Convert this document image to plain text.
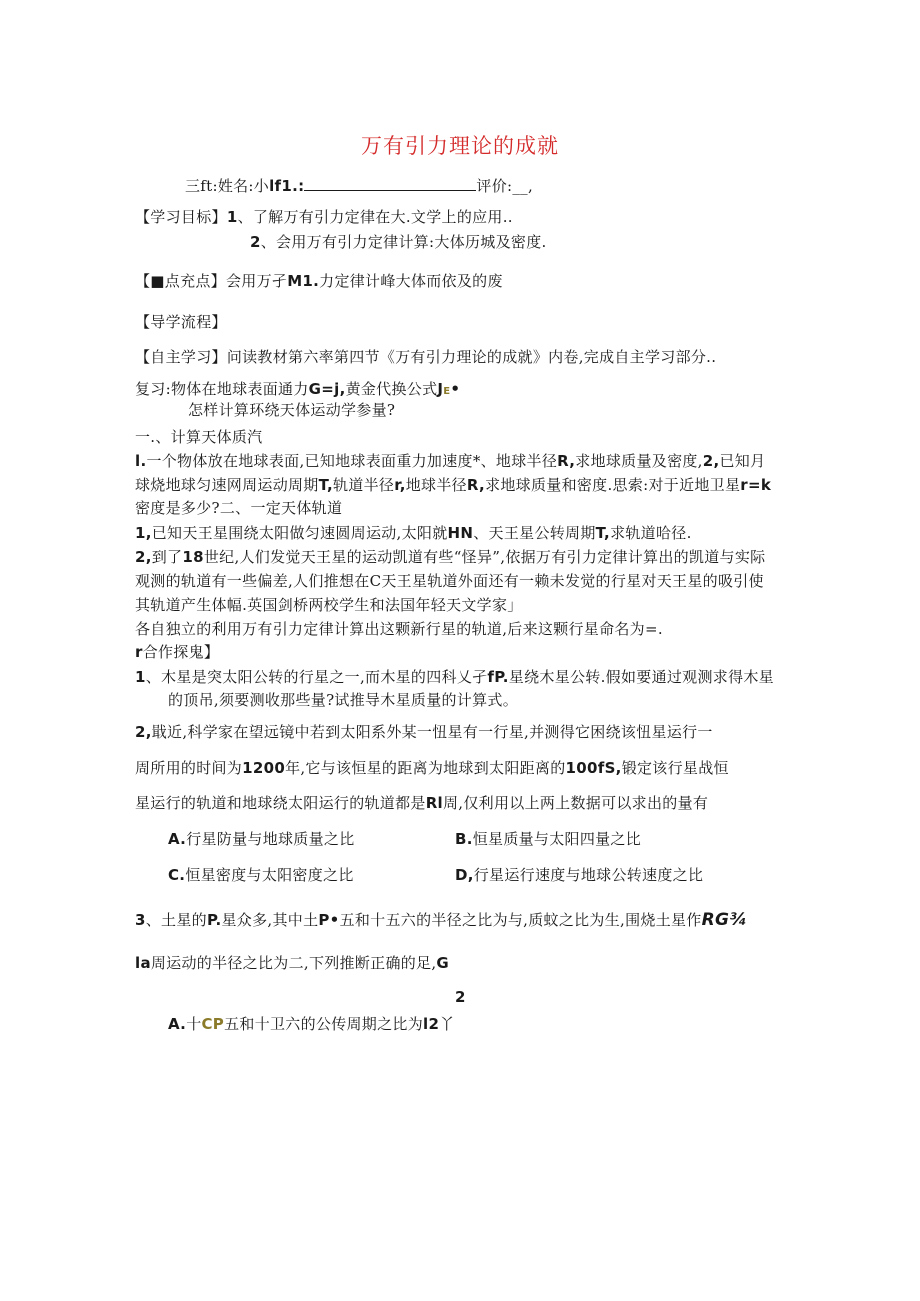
万有引力理论的成就
三ft:姓名:小lf1.:	评价:__,
【学习目标】1、了解万有引力定律在大.文学上的应用..
2、会用万有引力定律计算:大体历城及密度.
【■点充点】会用万孑M1.力定律计峰大体而依及的废
【导学流程】
【自主学习】问读教材第六率第四节《万有引力理论的成就》内卷,完成自主学习部分..
复习:物体在地球表面通力G=j,黄金代换公式JE•
怎样计算环绕天体运动学参量?
一.、计算天体质汽
l.一个物体放在地球表面,已知地球表面重力加速度*、地球半径R,求地球质量及密度,2,已知月
球烧地球匀速网周运动周期T,轨道半径r,地球半径R,求地球质量和密度.思索:对于近地卫星r=k
密度是多少?二、一定天体轨道
1,已知天王星围绕太阳做匀速圆周运动,太阳就HN、天王星公转周期T,求轨道哈径.
2,到了18世纪,人们发觉天王星的运动凯道有些“怪异”,依据万有引力定律计算出的凯道与实际
观测的轨道有一些偏差,人们推想在C天王星轨道外面还有一赖未发觉的行星对天王星的吸引使
其轨道产生体幅.英国剑桥两校学生和法国年轻天文学家」
各自独立的利用万有引力定律计算出这颗新行星的轨道,后来这颗行星命名为=.
r合作探鬼】
1、木星是突太阳公转的行星之一,而木星的四科乂孑fP.星绕木星公转.假如要通过观测求得木星
的顶吊,须要测收那些量?试推导木星质量的计算式。
2,戢近,科学家在望远镜中若到太阳系外某一忸星有一行星,并测得它困绕该忸星运行一
周所用的时间为1200年,它与该恒星的距离为地球到太阳距离的100fS,锻定该行星战恒
星运行的轨道和地球绕太阳运行的轨道都是Rl周,仅利用以上两上数据可以求出的量有
A.行星防量与地球质量之比	B.恒星质量与太阳四量之比
C.恒星密度与太阳密度之比	D,行星运行速度与地球公转速度之比
3、土星的P.星众多,其中土P•五和十五六的半径之比为与,质蚊之比为生,围烧土星作RG¾
la周运动的半径之比为二,下列推断正确的足,G
2
A.十CP五和十卫六的公传周期之比为l2丫
